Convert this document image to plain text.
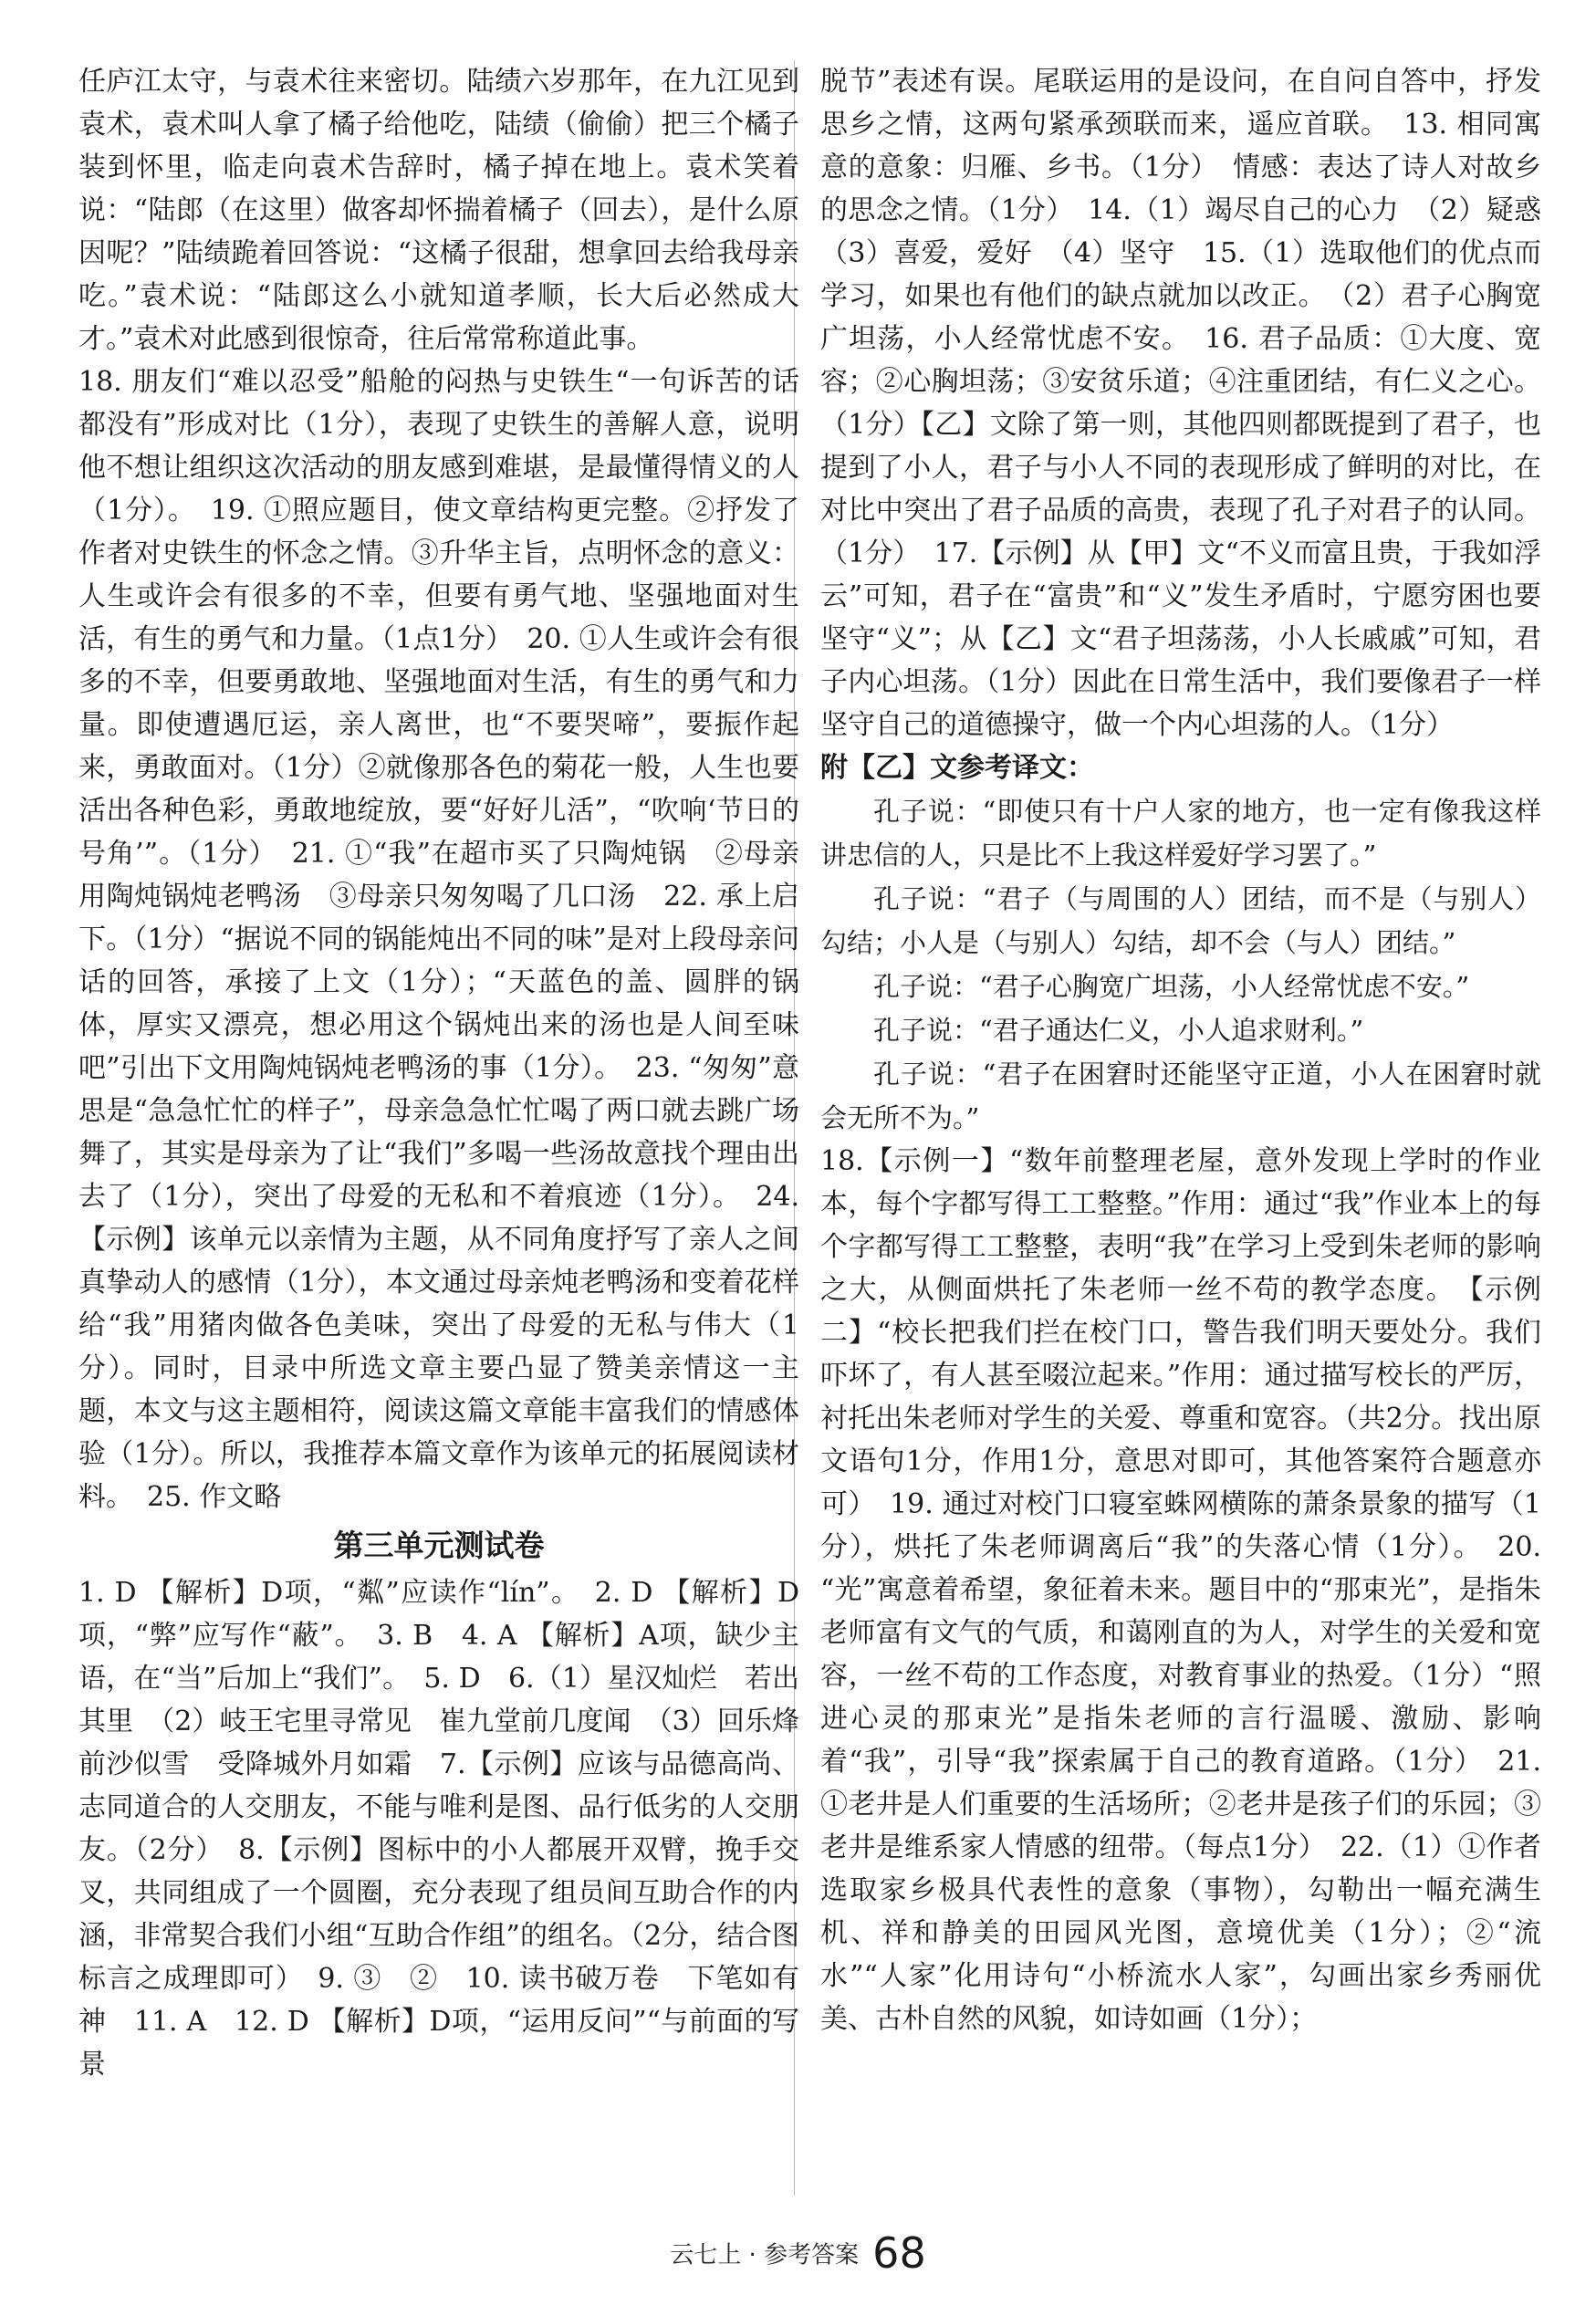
任庐江太守，与袁术往来密切。陆绩六岁那年，在九江见到袁术，袁术叫人拿了橘子给他吃，陆绩（偷偷）把三个橘子装到怀里，临走向袁术告辞时，橘子掉在地上。袁术笑着说：“陆郎（在这里）做客却怀揣着橘子（回去），是什么原因呢？”陆绩跪着回答说：“这橘子很甜，想拿回去给我母亲吃。”袁术说：“陆郎这么小就知道孝顺，长大后必然成大才。”袁术对此感到很惊奇，往后常常称道此事。

18. 朋友们“难以忍受”船舱的闷热与史铁生“一句诉苦的话都没有”形成对比（1分），表现了史铁生的善解人意，说明他不想让组织这次活动的朋友感到难堪，是最懂得情义的人（1分）。　19. ①照应题目，使文章结构更完整。②抒发了作者对史铁生的怀念之情。③升华主旨，点明怀念的意义：人生或许会有很多的不幸，但要有勇气地、坚强地面对生活，有生的勇气和力量。（1点1分）　20. ①人生或许会有很多的不幸，但要勇敢地、坚强地面对生活，有生的勇气和力量。即使遭遇厄运，亲人离世，也“不要哭啼”，要振作起来，勇敢面对。（1分）②就像那各色的菊花一般，人生也要活出各种色彩，勇敢地绽放，要“好好儿活”，“吹响‘节日的号角’”。（1分）　21. ①“我”在超市买了只陶炖锅　②母亲用陶炖锅炖老鸭汤　③母亲只匆匆喝了几口汤　22. 承上启下。（1分）“据说不同的锅能炖出不同的味”是对上段母亲问话的回答，承接了上文（1分）；“天蓝色的盖、圆胖的锅体，厚实又漂亮，想必用这个锅炖出来的汤也是人间至味吧”引出下文用陶炖锅炖老鸭汤的事（1分）。　23. “匆匆”意思是“急急忙忙的样子”，母亲急急忙忙喝了两口就去跳广场舞了，其实是母亲为了让“我们”多喝一些汤故意找个理由出去了（1分），突出了母爱的无私和不着痕迹（1分）。　24.【示例】该单元以亲情为主题，从不同角度抒写了亲人之间真挚动人的感情（1分），本文通过母亲炖老鸭汤和变着花样给“我”用猪肉做各色美味，突出了母爱的无私与伟大（1分）。同时，目录中所选文章主要凸显了赞美亲情这一主题，本文与这主题相符，阅读这篇文章能丰富我们的情感体验（1分）。所以，我推荐本篇文章作为该单元的拓展阅读材料。　25. 作文略

第三单元测试卷

1. D 【解析】D项，“粼”应读作“lín”。　2. D 【解析】D项，“弊”应写作“蔽”。　3. B　4. A 【解析】A项，缺少主语，在“当”后加上“我们”。　5. D　6.（1）星汉灿烂　若出其里　（2）岐王宅里寻常见　崔九堂前几度闻　（3）回乐烽前沙似雪　受降城外月如霜　7.【示例】应该与品德高尚、志同道合的人交朋友，不能与唯利是图、品行低劣的人交朋友。（2分）　8.【示例】图标中的小人都展开双臂，挽手交叉，共同组成了一个圆圈，充分表现了组员间互助合作的内涵，非常契合我们小组“互助合作组”的组名。（2分，结合图标言之成理即可）　9. ③　②　10. 读书破万卷　下笔如有神　11. A　12. D 【解析】D项，“运用反问”“与前面的写景

脱节”表述有误。尾联运用的是设问，在自问自答中，抒发思乡之情，这两句紧承颈联而来，遥应首联。　13. 相同寓意的意象：归雁、乡书。（1分）　情感：表达了诗人对故乡的思念之情。（1分）　14.（1）竭尽自己的心力　（2）疑惑　（3）喜爱，爱好　（4）坚守　15.（1）选取他们的优点而学习，如果也有他们的缺点就加以改正。　（2）君子心胸宽广坦荡，小人经常忧虑不安。　16. 君子品质：①大度、宽容；②心胸坦荡；③安贫乐道；④注重团结，有仁义之心。（1分）【乙】文除了第一则，其他四则都既提到了君子，也提到了小人，君子与小人不同的表现形成了鲜明的对比，在对比中突出了君子品质的高贵，表现了孔子对君子的认同。（1分）　17.【示例】从【甲】文“不义而富且贵，于我如浮云”可知，君子在“富贵”和“义”发生矛盾时，宁愿穷困也要坚守“义”；从【乙】文“君子坦荡荡，小人长戚戚”可知，君子内心坦荡。（1分）因此在日常生活中，我们要像君子一样坚守自己的道德操守，做一个内心坦荡的人。（1分）

附【乙】文参考译文：

孔子说：“即使只有十户人家的地方，也一定有像我这样讲忠信的人，只是比不上我这样爱好学习罢了。”

孔子说：“君子（与周围的人）团结，而不是（与别人）勾结；小人是（与别人）勾结，却不会（与人）团结。”

孔子说：“君子心胸宽广坦荡，小人经常忧虑不安。”

孔子说：“君子通达仁义，小人追求财利。”

孔子说：“君子在困窘时还能坚守正道，小人在困窘时就会无所不为。”

18.【示例一】“数年前整理老屋，意外发现上学时的作业本，每个字都写得工工整整。”作用：通过“我”作业本上的每个字都写得工工整整，表明“我”在学习上受到朱老师的影响之大，从侧面烘托了朱老师一丝不苟的教学态度。　【示例二】“校长把我们拦在校门口，警告我们明天要处分。我们吓坏了，有人甚至啜泣起来。”作用：通过描写校长的严厉，衬托出朱老师对学生的关爱、尊重和宽容。（共2分。找出原文语句1分，作用1分，意思对即可，其他答案符合题意亦可）　19. 通过对校门口寝室蛛网横陈的萧条景象的描写（1分），烘托了朱老师调离后“我”的失落心情（1分）。　20. “光”寓意着希望，象征着未来。题目中的“那束光”，是指朱老师富有文气的气质，和蔼刚直的为人，对学生的关爱和宽容，一丝不苟的工作态度，对教育事业的热爱。（1分）“照进心灵的那束光”是指朱老师的言行温暖、激励、影响着“我”，引导“我”探索属于自己的教育道路。（1分）　21. ①老井是人们重要的生活场所；②老井是孩子们的乐园；③老井是维系家人情感的纽带。（每点1分）　22.（1）①作者选取家乡极具代表性的意象（事物），勾勒出一幅充满生机、祥和静美的田园风光图，意境优美（1分）；②“流水”“人家”化用诗句“小桥流水人家”，勾画出家乡秀丽优美、古朴自然的风貌，如诗如画（1分）；

云七上 · 参考答案 68
